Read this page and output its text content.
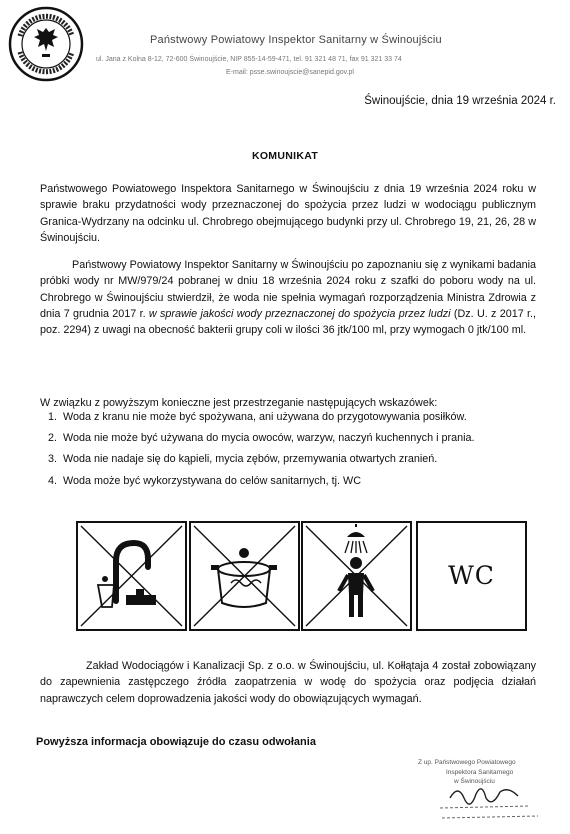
Państwowy Powiatowy Inspektor Sanitarny w Świnoujściu
ul. Jana z Kolna 8-12, 72-600 Świnoujście, NIP 855-14-59-471, tel. 91 321 48 71, fax 91 321 33 74
E-mail: psse.swinoujscie@sanepid.gov.pl
Świnoujście, dnia 19 września 2024 r.
KOMUNIKAT
Państwowego Powiatowego Inspektora Sanitarnego w Świnoujściu z dnia 19 września 2024 roku w sprawie braku przydatności wody przeznaczonej do spożycia przez ludzi w wodociągu publicznym Granica-Wydrzany na odcinku ul. Chrobrego obejmującego budynki przy ul. Chrobrego 19, 21, 26, 28 w Świnoujściu.
Państwowy Powiatowy Inspektor Sanitarny w Świnoujściu po zapoznaniu się z wynikami badania próbki wody nr MW/979/24 pobranej w dniu 18 września 2024 roku z szafki do poboru wody na ul. Chrobrego w Świnoujściu stwierdził, że woda nie spełnia wymagań rozporządzenia Ministra Zdrowia z dnia 7 grudnia 2017 r. w sprawie jakości wody przeznaczonej do spożycia przez ludzi (Dz. U. z 2017 r., poz. 2294) z uwagi na obecność bakterii grupy coli w ilości 36 jtk/100 ml, przy wymogach 0 jtk/100 ml.
W związku z powyższym konieczne jest przestrzeganie następujących wskazówek:
1. Woda z kranu nie może być spożywana, ani używana do przygotowywania posiłków.
2. Woda nie może być używana do mycia owoców, warzyw, naczyń kuchennych i prania.
3. Woda nie nadaje się do kąpieli, mycia zębów, przemywania otwartych zranień.
4. Woda może być wykorzystywana do celów sanitarnych, tj. WC
WC
Zakład Wodociągów i Kanalizacji Sp. z o.o. w Świnoujściu, ul. Kołłątaja 4 został zobowiązany do zapewnienia zastępczego źródła zaopatrzenia w wodę do spożycia oraz podjęcia działań naprawczych celem doprowadzenia jakości wody do obowiązujących wymagań.
Powyższa informacja obowiązuje do czasu odwołania
Z up. Państwowego Powiatowego
Inspektora Sanitarnego
w Świnoujściu
